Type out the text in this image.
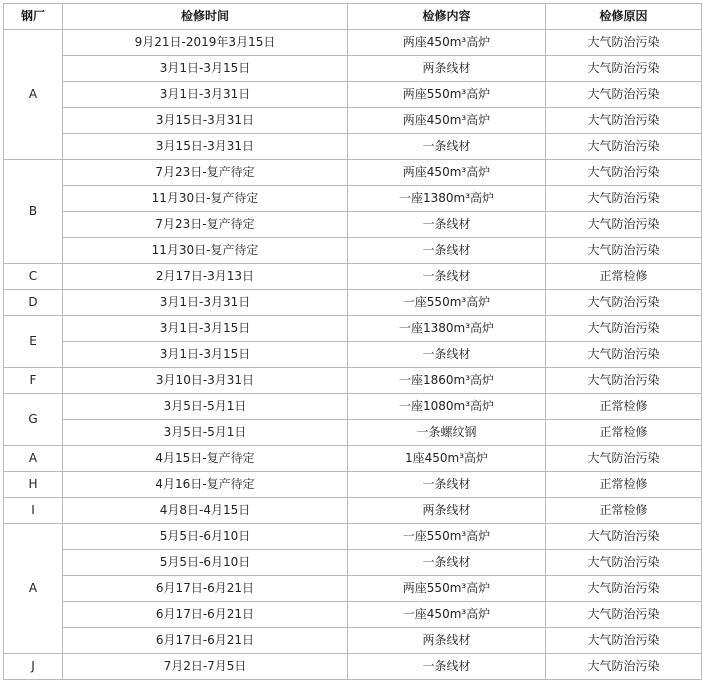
钢厂	检修时间	检修内容	检修原因
A	9月21日-2019年3月15日	两座450m³高炉	大气防治污染
	3月1日-3月15日	两条线材	大气防治污染
	3月1日-3月31日	两座550m³高炉	大气防治污染
	3月15日-3月31日	两座450m³高炉	大气防治污染
	3月15日-3月31日	一条线材	大气防治污染
B	7月23日-复产待定	两座450m³高炉	大气防治污染
	11月30日-复产待定	一座1380m³高炉	大气防治污染
	7月23日-复产待定	一条线材	大气防治污染
	11月30日-复产待定	一条线材	大气防治污染
C	2月17日-3月13日	一条线材	正常检修
D	3月1日-3月31日	一座550m³高炉	大气防治污染
E	3月1日-3月15日	一座1380m³高炉	大气防治污染
	3月1日-3月15日	一条线材	大气防治污染
F	3月10日-3月31日	一座1860m³高炉	大气防治污染
G	3月5日-5月1日	一座1080m³高炉	正常检修
	3月5日-5月1日	一条螺纹钢	正常检修
A	4月15日-复产待定	1座450m³高炉	大气防治污染
H	4月16日-复产待定	一条线材	正常检修
I	4月8日-4月15日	两条线材	正常检修
A	5月5日-6月10日	一座550m³高炉	大气防治污染
	5月5日-6月10日	一条线材	大气防治污染
	6月17日-6月21日	两座550m³高炉	大气防治污染
	6月17日-6月21日	一座450m³高炉	大气防治污染
	6月17日-6月21日	两条线材	大气防治污染
J	7月2日-7月5日	一条线材	大气防治污染
